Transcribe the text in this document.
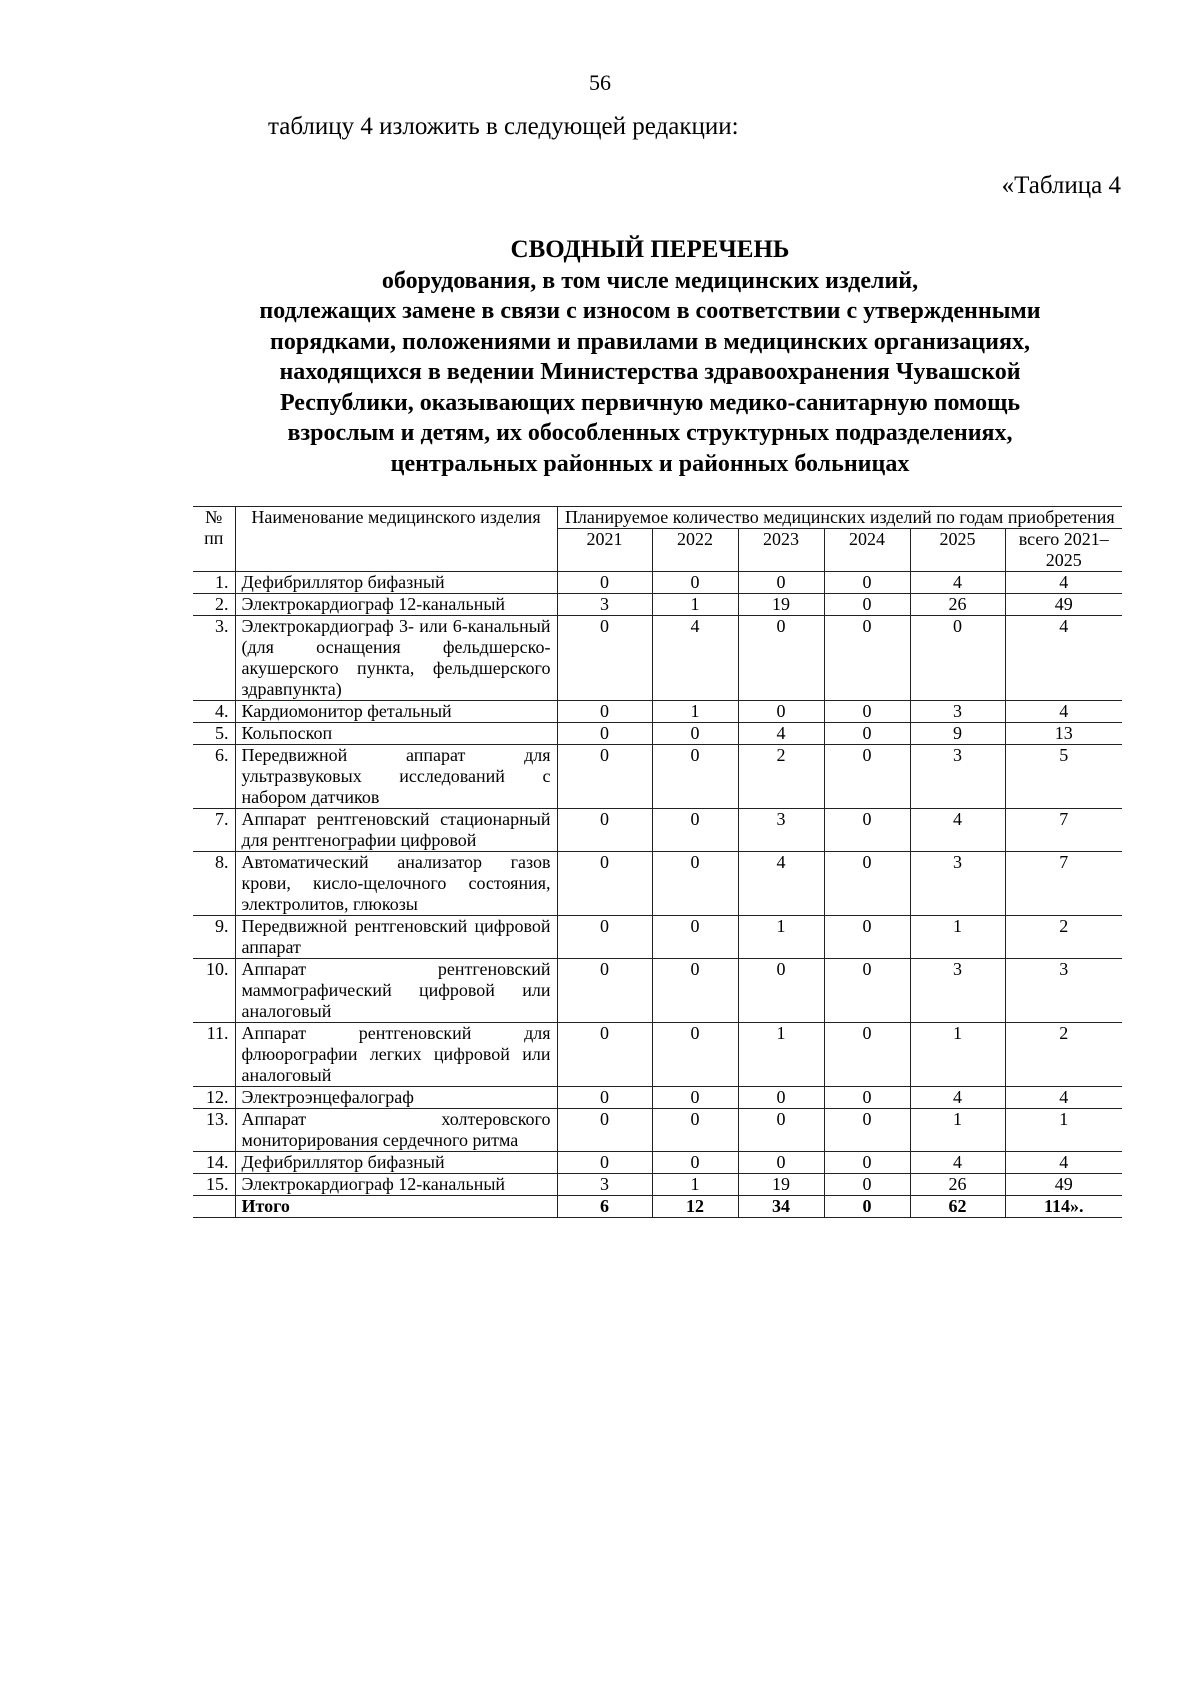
56
таблицу 4 изложить в следующей редакции:
«Таблица 4
СВОДНЫЙ ПЕРЕЧЕНЬ
оборудования, в том числе медицинских изделий,
подлежащих замене в связи с износом в соответствии с утвержденными
порядками, положениями и правилами в медицинских организациях,
находящихся в ведении Министерства здравоохранения Чувашской
Республики, оказывающих первичную медико-санитарную помощь
взрослым и детям, их обособленных структурных подразделениях,
центральных районных и районных больницах
№ пп	Наименование медицинского изделия	Планируемое количество медицинских изделий по годам приобретения					
		2021	2022	2023	2024	2025	всего 2021–2025
1.	Дефибриллятор бифазный	0	0	0	0	4	4
2.	Электрокардиограф 12-канальный	3	1	19	0	26	49
3.	Электрокардиограф 3- или 6-канальный (для оснащения фельдшерско-акушерского пункта, фельдшерского здравпункта)	0	4	0	0	0	4
4.	Кардиомонитор фетальный	0	1	0	0	3	4
5.	Кольпоскоп	0	0	4	0	9	13
6.	Передвижной аппарат для ультразвуковых исследований с набором датчиков	0	0	2	0	3	5
7.	Аппарат рентгеновский стационарный для рентгенографии цифровой	0	0	3	0	4	7
8.	Автоматический анализатор газов крови, кисло-щелочного состояния, электролитов, глюкозы	0	0	4	0	3	7
9.	Передвижной рентгеновский цифровой аппарат	0	0	1	0	1	2
10.	Аппарат рентгеновский маммографический цифровой или аналоговый	0	0	0	0	3	3
11.	Аппарат рентгеновский для флюорографии легких цифровой или аналоговый	0	0	1	0	1	2
12.	Электроэнцефалограф	0	0	0	0	4	4
13.	Аппарат холтеровского мониторирования сердечного ритма	0	0	0	0	1	1
14.	Дефибриллятор бифазный	0	0	0	0	4	4
15.	Электрокардиограф 12-канальный	3	1	19	0	26	49
	Итого	6	12	34	0	62	114».
